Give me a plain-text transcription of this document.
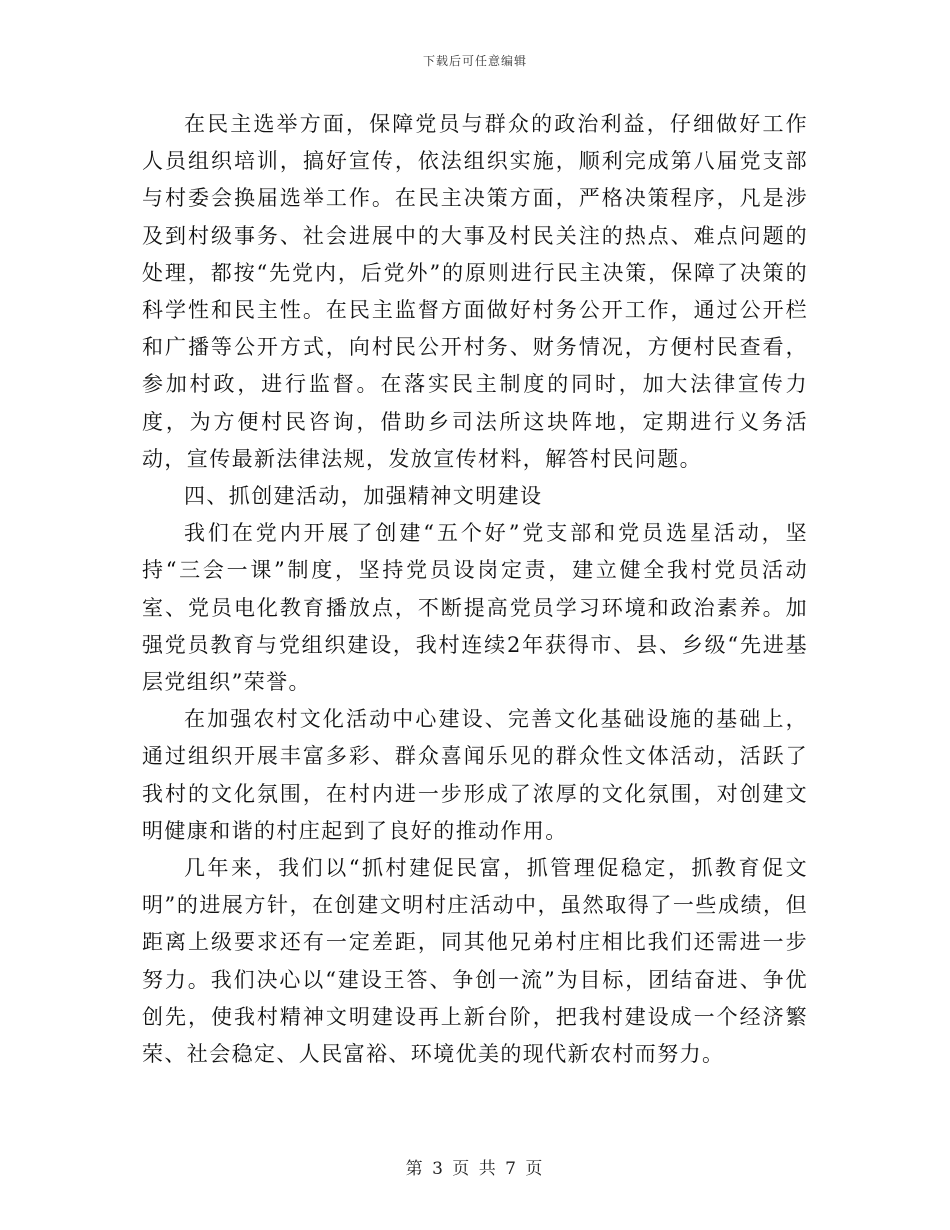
下载后可任意编辑

在民主选举方面，保障党员与群众的政治利益，仔细做好工作人员组织培训，搞好宣传，依法组织实施，顺利完成第八届党支部与村委会换届选举工作。在民主决策方面，严格决策程序，凡是涉及到村级事务、社会进展中的大事及村民关注的热点、难点问题的处理，都按“先党内，后党外”的原则进行民主决策，保障了决策的科学性和民主性。在民主监督方面做好村务公开工作，通过公开栏和广播等公开方式，向村民公开村务、财务情况，方便村民查看，参加村政，进行监督。在落实民主制度的同时，加大法律宣传力度，为方便村民咨询，借助乡司法所这块阵地，定期进行义务活动，宣传最新法律法规，发放宣传材料，解答村民问题。

四、抓创建活动，加强精神文明建设

我们在党内开展了创建“五个好”党支部和党员选星活动，坚持“三会一课”制度，坚持党员设岗定责，建立健全我村党员活动室、党员电化教育播放点，不断提高党员学习环境和政治素养。加强党员教育与党组织建设，我村连续2年获得市、县、乡级“先进基层党组织”荣誉。

在加强农村文化活动中心建设、完善文化基础设施的基础上，通过组织开展丰富多彩、群众喜闻乐见的群众性文体活动，活跃了我村的文化氛围，在村内进一步形成了浓厚的文化氛围，对创建文明健康和谐的村庄起到了良好的推动作用。

几年来，我们以“抓村建促民富，抓管理促稳定，抓教育促文明”的进展方针，在创建文明村庄活动中，虽然取得了一些成绩，但距离上级要求还有一定差距，同其他兄弟村庄相比我们还需进一步努力。我们决心以“建设王答、争创一流”为目标，团结奋进、争优创先，使我村精神文明建设再上新台阶，把我村建设成一个经济繁荣、社会稳定、人民富裕、环境优美的现代新农村而努力。

第 3 页 共 7 页
